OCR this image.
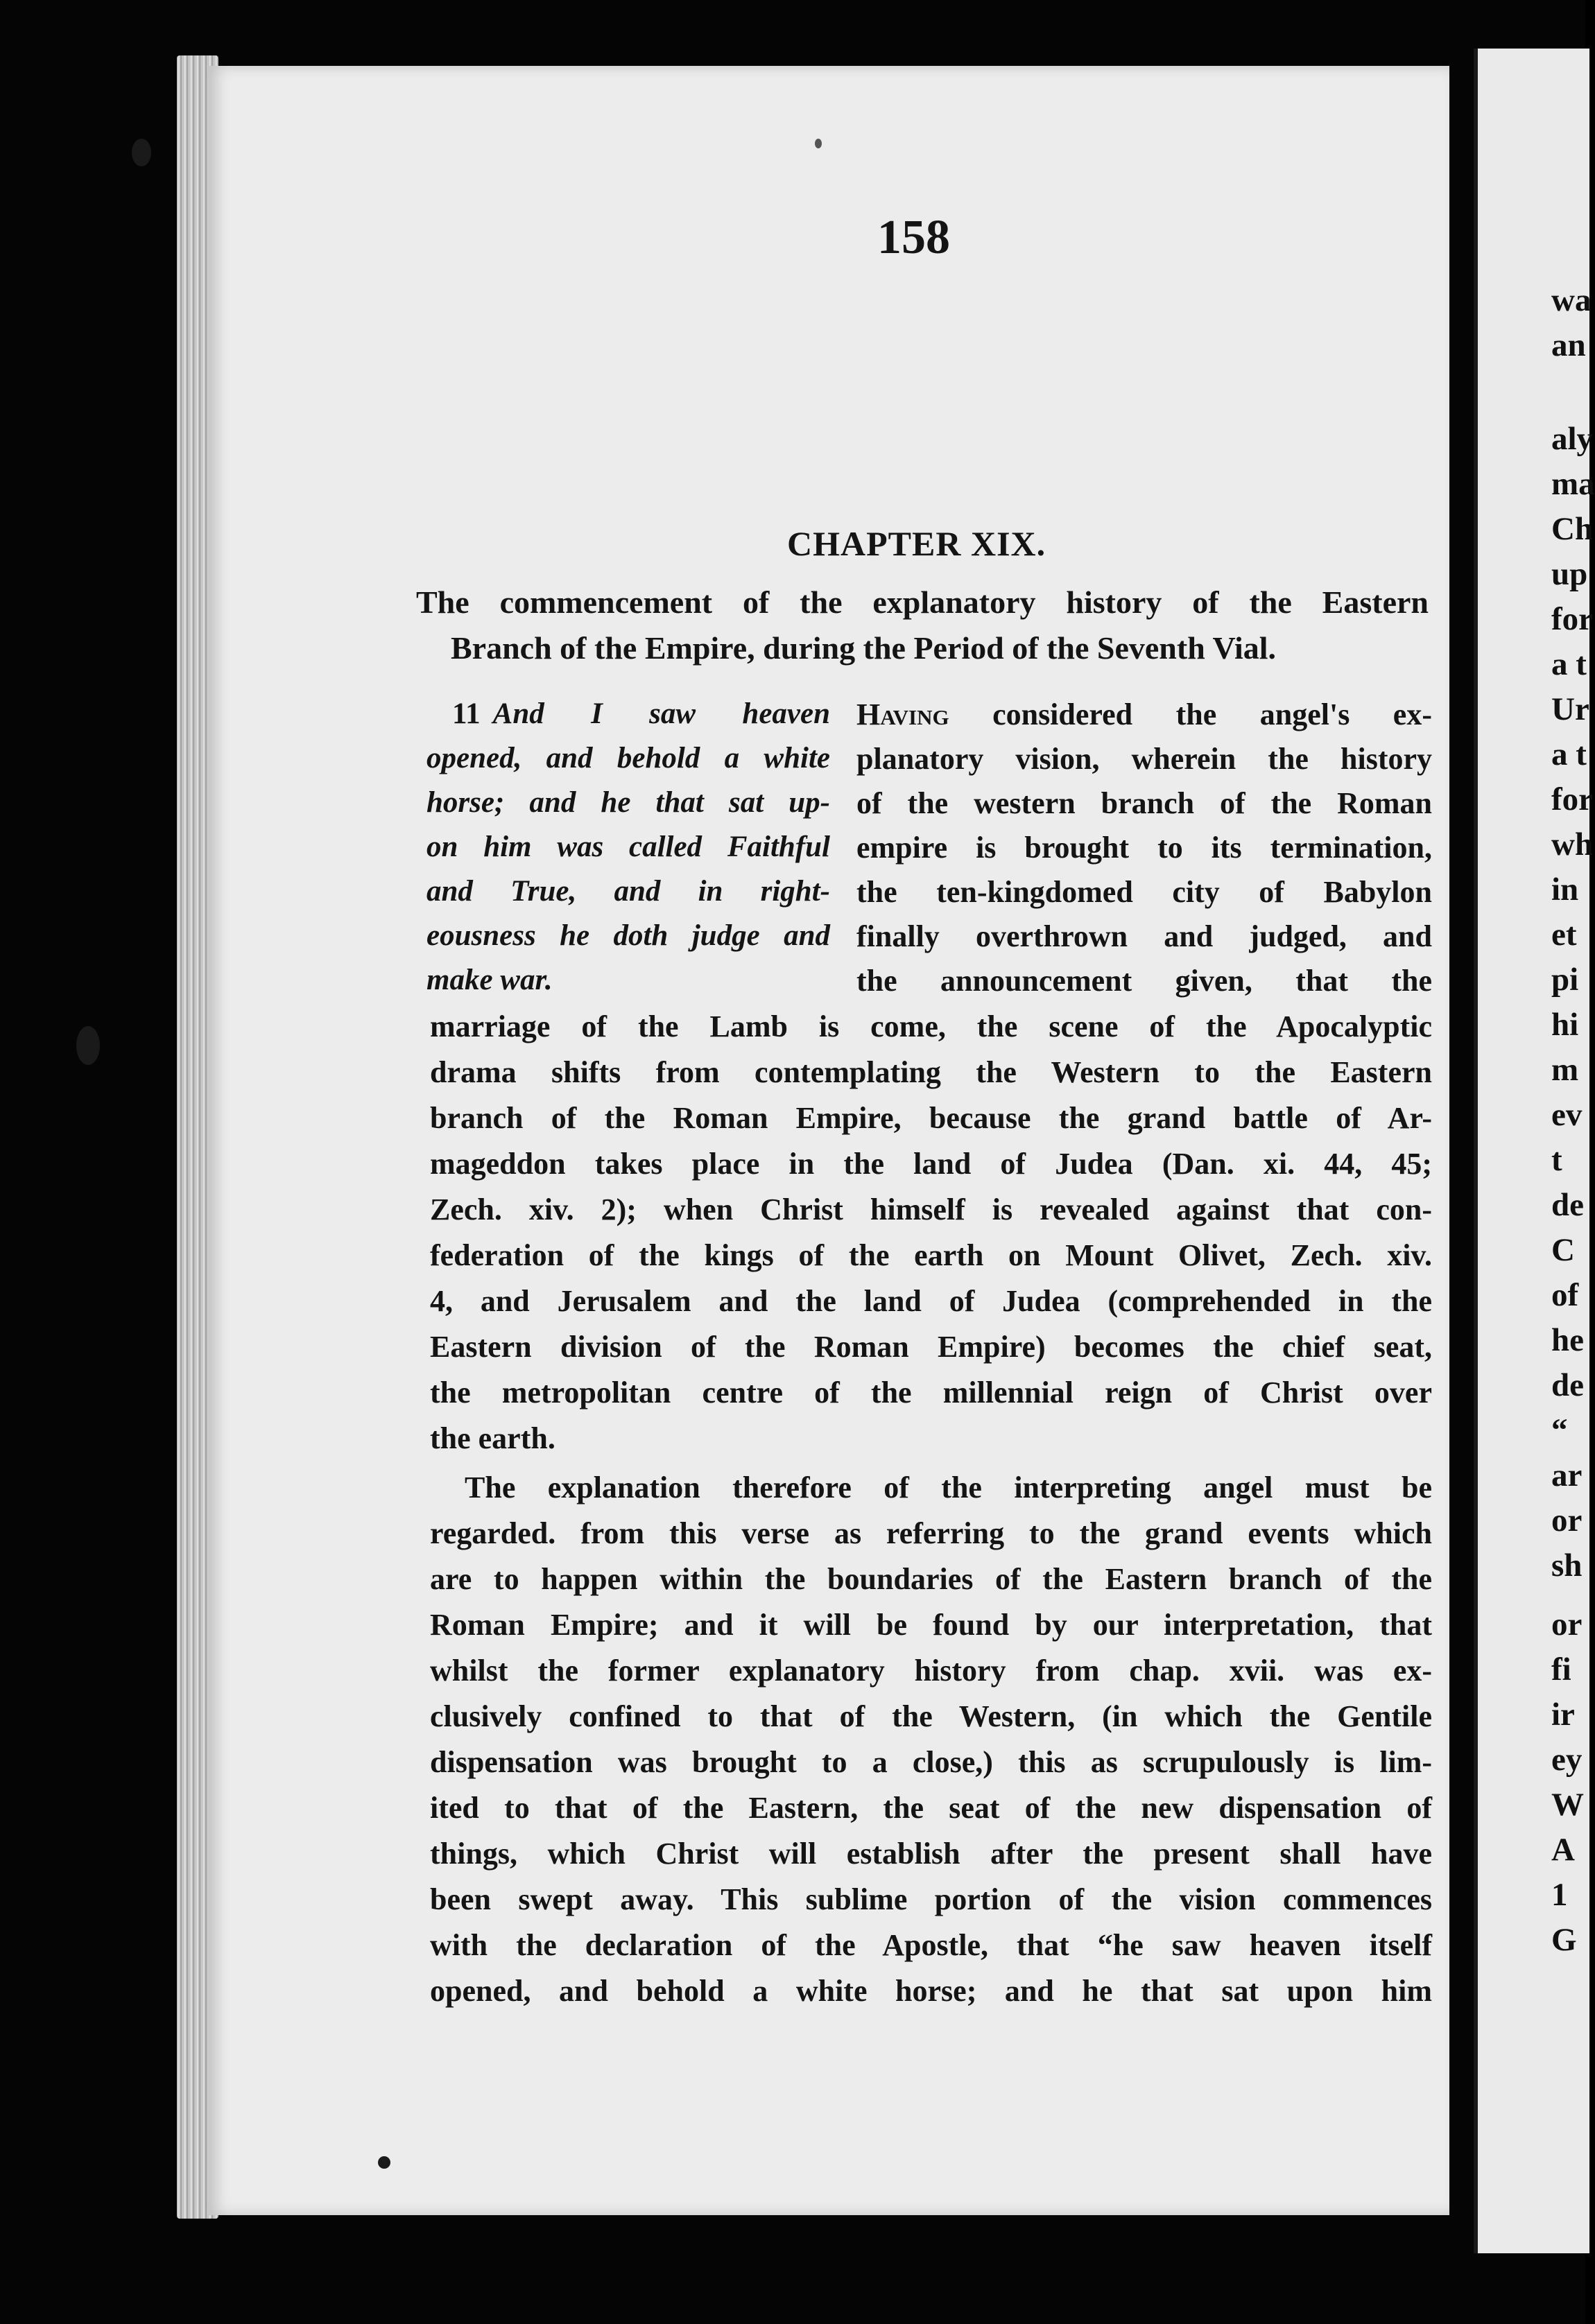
158
CHAPTER XIX.
The commencement of the explanatory history of the Eastern
Branch of the Empire, during the Period of the Seventh Vial.
11 And I saw heaven
opened, and behold a white
horse; and he that sat up-
on him was called Faithful
and True, and in right-
eousness he doth judge and
make war.
Having considered the angel's ex-
planatory vision, wherein the history
of the western branch of the Roman
empire is brought to its termination,
the ten-kingdomed city of Babylon
finally overthrown and judged, and
the announcement given, that the
marriage of the Lamb is come, the scene of the Apocalyptic
drama shifts from contemplating the Western to the Eastern
branch of the Roman Empire, because the grand battle of Ar-
mageddon takes place in the land of Judea (Dan. xi. 44, 45;
Zech. xiv. 2); when Christ himself is revealed against that con-
federation of the kings of the earth on Mount Olivet, Zech. xiv.
4, and Jerusalem and the land of Judea (comprehended in the
Eastern division of the Roman Empire) becomes the chief seat,
the metropolitan centre of the millennial reign of Christ over
the earth.
The explanation therefore of the interpreting angel must be
regarded. from this verse as referring to the grand events which
are to happen within the boundaries of the Eastern branch of the
Roman Empire; and it will be found by our interpretation, that
whilst the former explanatory history from chap. xvii. was ex-
clusively confined to that of the Western, (in which the Gentile
dispensation was brought to a close,) this as scrupulously is lim-
ited to that of the Eastern, the seat of the new dispensation of
things, which Christ will establish after the present shall have
been swept away. This sublime portion of the vision commences
with the declaration of the Apostle, that “he saw heaven itself
opened, and behold a white horse; and he that sat upon him
wa
an
aly
ma
Ch
up
for
a t
Ur
a t
for
wh
in
et
pi
hi
m
ev
t
de
C
of
he
de
“
ar
or
sh
or
fi
ir
ey
W
A
1
G
